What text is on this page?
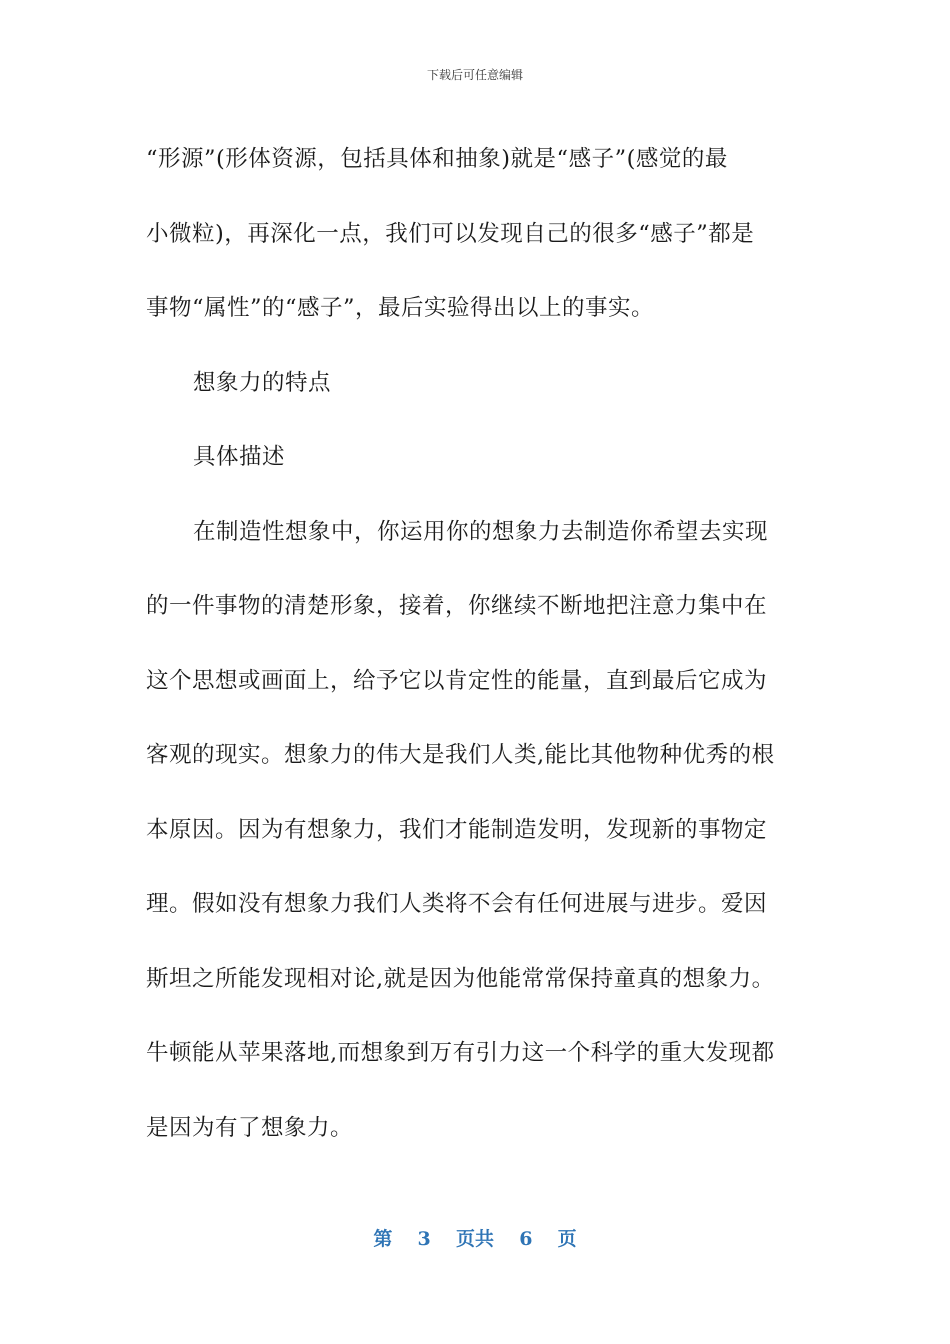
下载后可任意编辑
“形源”(形体资源，包括具体和抽象)就是“感子”(感觉的最
小微粒)，再深化一点，我们可以发现自己的很多“感子”都是
事物“属性”的“感子”，最后实验得出以上的事实。
想象力的特点
具体描述
在制造性想象中，你运用你的想象力去制造你希望去实现
的一件事物的清楚形象，接着，你继续不断地把注意力集中在
这个思想或画面上，给予它以肯定性的能量，直到最后它成为
客观的现实。想象力的伟大是我们人类,能比其他物种优秀的根
本原因。因为有想象力，我们才能制造发明，发现新的事物定
理。假如没有想象力我们人类将不会有任何进展与进步。爱因
斯坦之所能发现相对论,就是因为他能常常保持童真的想象力。
牛顿能从苹果落地,而想象到万有引力这一个科学的重大发现都
是因为有了想象力。
第  3  页共  6  页
